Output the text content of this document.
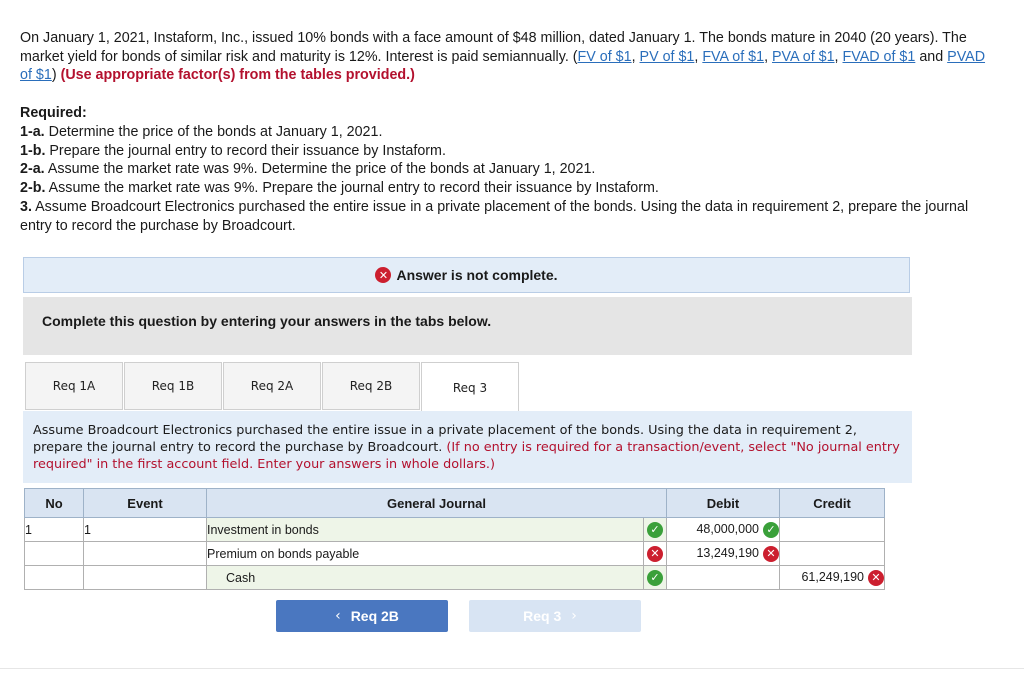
On January 1, 2021, Instaform, Inc., issued 10% bonds with a face amount of $48 million, dated January 1. The bonds mature in 2040 (20 years). The market yield for bonds of similar risk and maturity is 12%. Interest is paid semiannually. (FV of $1, PV of $1, FVA of $1, PVA of $1, FVAD of $1 and PVAD of $1) (Use appropriate factor(s) from the tables provided.)
Required:
1-a. Determine the price of the bonds at January 1, 2021.
1-b. Prepare the journal entry to record their issuance by Instaform.
2-a. Assume the market rate was 9%. Determine the price of the bonds at January 1, 2021.
2-b. Assume the market rate was 9%. Prepare the journal entry to record their issuance by Instaform.
3. Assume Broadcourt Electronics purchased the entire issue in a private placement of the bonds. Using the data in requirement 2, prepare the journal entry to record the purchase by Broadcourt.
✕ Answer is not complete.
Complete this question by entering your answers in the tabs below.
Req 1A	Req 1B	Req 2A	Req 2B	Req 3
Assume Broadcourt Electronics purchased the entire issue in a private placement of the bonds. Using the data in requirement 2, prepare the journal entry to record the purchase by Broadcourt. (If no entry is required for a transaction/event, select "No journal entry required" in the first account field. Enter your answers in whole dollars.)
No	Event	General Journal		Debit	Credit
1	1	Investment in bonds	✓	48,000,000 ✓	
		Premium on bonds payable	✕	13,249,190 ✕	
		Cash	✓		61,249,190 ✕
‹ Req 2B	Req 3 ›
